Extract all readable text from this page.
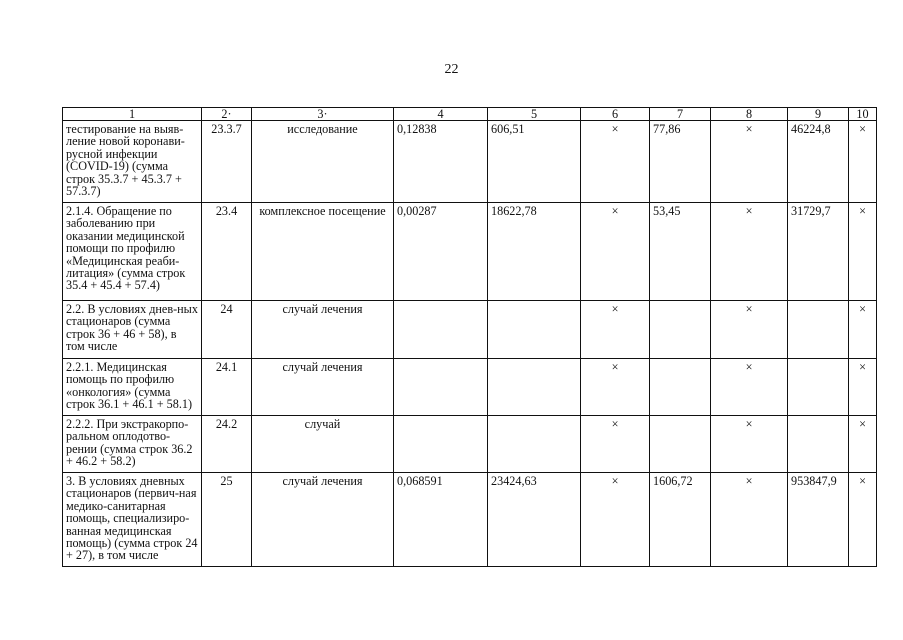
22
1	2·	3·	4	5	6	7	8	9	10
тестирование на выяв-ление новой коронави-русной инфекции (COVID-19) (сумма строк 35.3.7 + 45.3.7 + 57.3.7)	23.3.7	исследование	0,12838	606,51	×	77,86	×	46224,8	×
2.1.4. Обращение по заболеванию при оказании медицинской помощи по профилю «Медицинская реаби-литация» (сумма строк 35.4 + 45.4 + 57.4)	23.4	комплексное посещение	0,00287	18622,78	×	53,45	×	31729,7	×
2.2. В условиях днев-ных стационаров (сумма строк 36 + 46 + 58), в том числе	24	случай лечения			×		×		×
2.2.1. Медицинская помощь по профилю «онкология» (сумма строк 36.1 + 46.1 + 58.1)	24.1	случай лечения			×		×		×
2.2.2. При экстракорпо-ральном оплодотво-рении (сумма строк 36.2 + 46.2 + 58.2)	24.2	случай			×		×		×
3. В условиях дневных стационаров (первич-ная медико-санитарная помощь, специализиро-ванная медицинская помощь) (сумма строк 24 + 27), в том числе	25	случай лечения	0,068591	23424,63	×	1606,72	×	953847,9	×
